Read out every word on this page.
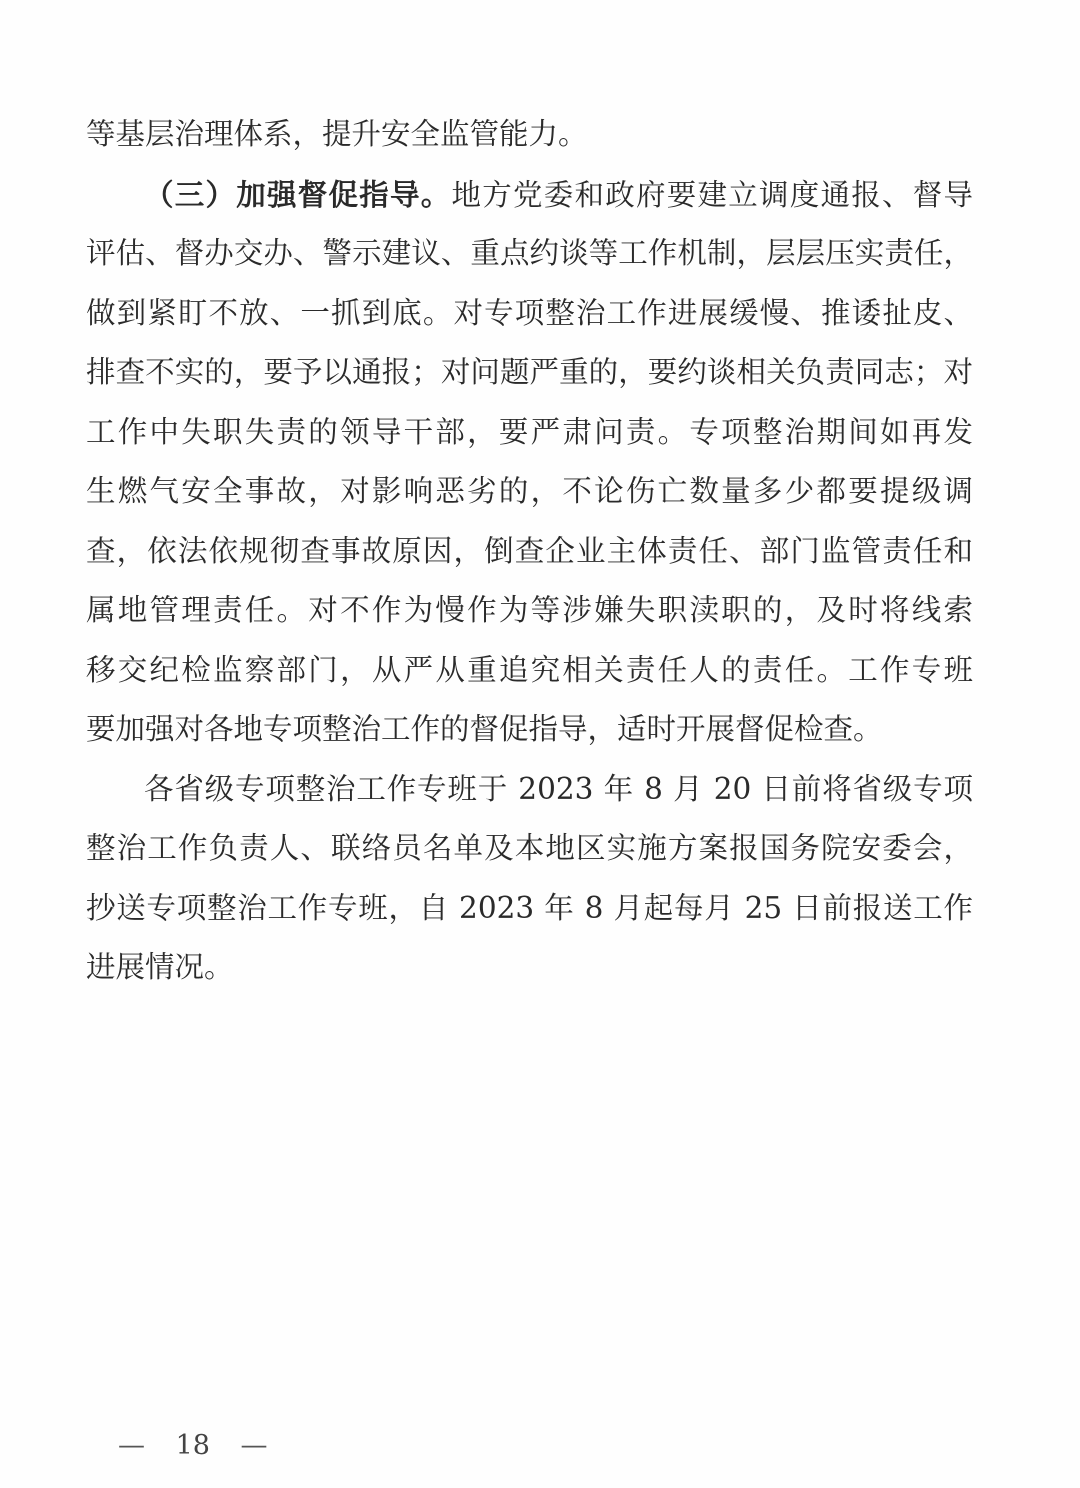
等基层治理体系，提升安全监管能力。
（三）加强督促指导。地方党委和政府要建立调度通报、督导
评估、督办交办、警示建议、重点约谈等工作机制，层层压实责任，
做到紧盯不放、一抓到底。对专项整治工作进展缓慢、推诿扯皮、
排查不实的，要予以通报；对问题严重的，要约谈相关负责同志；对
工作中失职失责的领导干部，要严肃问责。专项整治期间如再发
生燃气安全事故，对影响恶劣的，不论伤亡数量多少都要提级调
查，依法依规彻查事故原因，倒查企业主体责任、部门监管责任和
属地管理责任。对不作为慢作为等涉嫌失职渎职的，及时将线索
移交纪检监察部门，从严从重追究相关责任人的责任。工作专班
要加强对各地专项整治工作的督促指导，适时开展督促检查。
各省级专项整治工作专班于 2023 年 8 月 20 日前将省级专项
整治工作负责人、联络员名单及本地区实施方案报国务院安委会，
抄送专项整治工作专班，自 2023 年 8 月起每月 25 日前报送工作
进展情况。
— 18 —
